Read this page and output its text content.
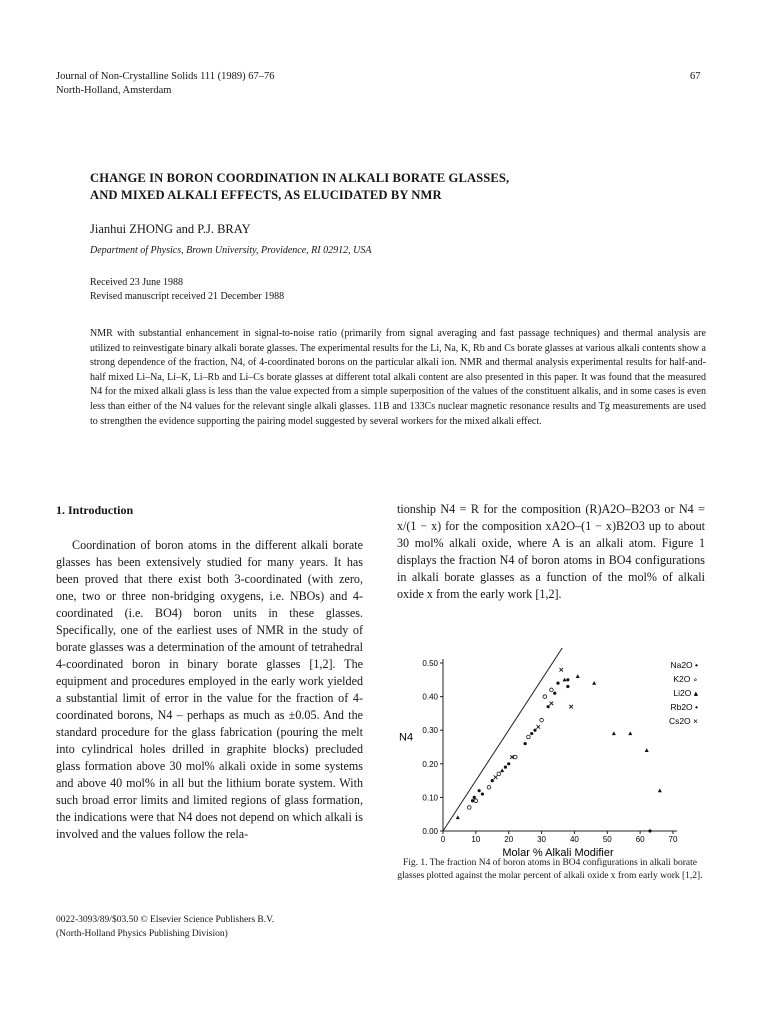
Journal of Non-Crystalline Solids 111 (1989) 67–76
North-Holland, Amsterdam
67
CHANGE IN BORON COORDINATION IN ALKALI BORATE GLASSES,
AND MIXED ALKALI EFFECTS, AS ELUCIDATED BY NMR
Jianhui ZHONG and P.J. BRAY
Department of Physics, Brown University, Providence, RI 02912, USA
Received 23 June 1988
Revised manuscript received 21 December 1988
NMR with substantial enhancement in signal-to-noise ratio (primarily from signal averaging and fast passage techniques) and thermal analysis are utilized to reinvestigate binary alkali borate glasses. The experimental results for the Li, Na, K, Rb and Cs borate glasses at various alkali contents show a strong dependence of the fraction, N4, of 4-coordinated borons on the particular alkali ion. NMR and thermal analysis experimental results for half-and-half mixed Li–Na, Li–K, Li–Rb and Li–Cs borate glasses at different total alkali content are also presented in this paper. It was found that the measured N4 for the mixed alkali glass is less than the value expected from a simple superposition of the values of the constituent alkalis, and in some cases is even less than either of the N4 values for the relevant single alkali glasses. 11B and 133Cs nuclear magnetic resonance results and Tg measurements are used to strengthen the evidence supporting the pairing model suggested by several workers for the mixed alkali effect.
1. Introduction

Coordination of boron atoms in the different alkali borate glasses has been extensively studied for many years. It has been proved that there exist both 3-coordinated (with zero, one, two or three non-bridging oxygens, i.e. NBOs) and 4-coordinated (i.e. BO4) boron units in these glasses. Specifically, one of the earliest uses of NMR in the study of borate glasses was a determination of the amount of tetrahedral 4-coordinated boron in binary borate glasses [1,2]. The equipment and procedures employed in the early work yielded a substantial limit of error in the value for the fraction of 4-coordinated borons, N4 – perhaps as much as ±0.05. And the standard procedure for the glass fabrication (pouring the melt into cylindrical holes drilled in graphite blocks) precluded glass formation above 30 mol% alkali oxide in some systems and above 40 mol% in all but the lithium borate system. With such broad error limits and limited regions of glass formation, the indications were that N4 does not depend on which alkali is involved and the values follow the rela-

tionship N4 = R for the composition (R)A2O–B2O3 or N4 = x/(1 − x) for the composition xA2O–(1 − x)B2O3 up to about 30 mol% alkali oxide, where A is an alkali atom. Figure 1 displays the fraction N4 of boron atoms in BO4 configurations in alkali borate glasses as a function of the mol% of alkali oxide x from the early work [1,2].

0.00
0.10
0.20
0.30
0.40
0.50
0	10	20	30	40	50	60	70
Molar % Alkali Modifier
N4
Na2O •
K2O ∘
Li2O ▴
Rb2O •
Cs2O ×
Fig. 1. The fraction N4 of boron atoms in BO4 configurations in alkali borate glasses plotted against the molar percent of alkali oxide x from early work [1,2].
0022-3093/89/$03.50 © Elsevier Science Publishers B.V.
(North-Holland Physics Publishing Division)
